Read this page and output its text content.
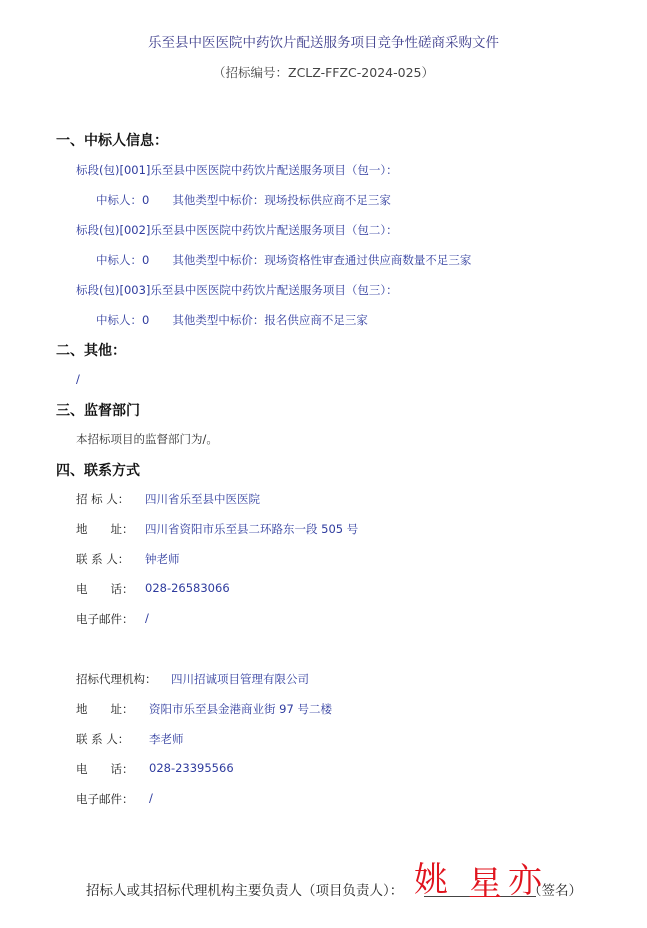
乐至县中医医院中药饮片配送服务项目竞争性磋商采购文件
（招标编号：ZCLZ-FFZC-2024-025）
一、中标人信息：
标段(包)[001]乐至县中医医院中药饮片配送服务项目（包一）：
中标人：0　　其他类型中标价：现场投标供应商不足三家
标段(包)[002]乐至县中医医院中药饮片配送服务项目（包二）：
中标人：0　　其他类型中标价：现场资格性审查通过供应商数量不足三家
标段(包)[003]乐至县中医医院中药饮片配送服务项目（包三）：
中标人：0　　其他类型中标价：报名供应商不足三家
二、其他：
/
三、监督部门
本招标项目的监督部门为/。
四、联系方式
招 标 人： 四川省乐至县中医医院
地　　址： 四川省资阳市乐至县二环路东一段 505 号
联 系 人： 钟老师
电　　话： 028-26583066
电子邮件： /
招标代理机构： 四川招诚项目管理有限公司
地　　址： 资阳市乐至县金港商业街 97 号二楼
联 系 人： 李老师
电　　话： 028-23395566
电子邮件： /
招标人或其招标代理机构主要负责人（项目负责人）：	（签名）
姚 星 亦
